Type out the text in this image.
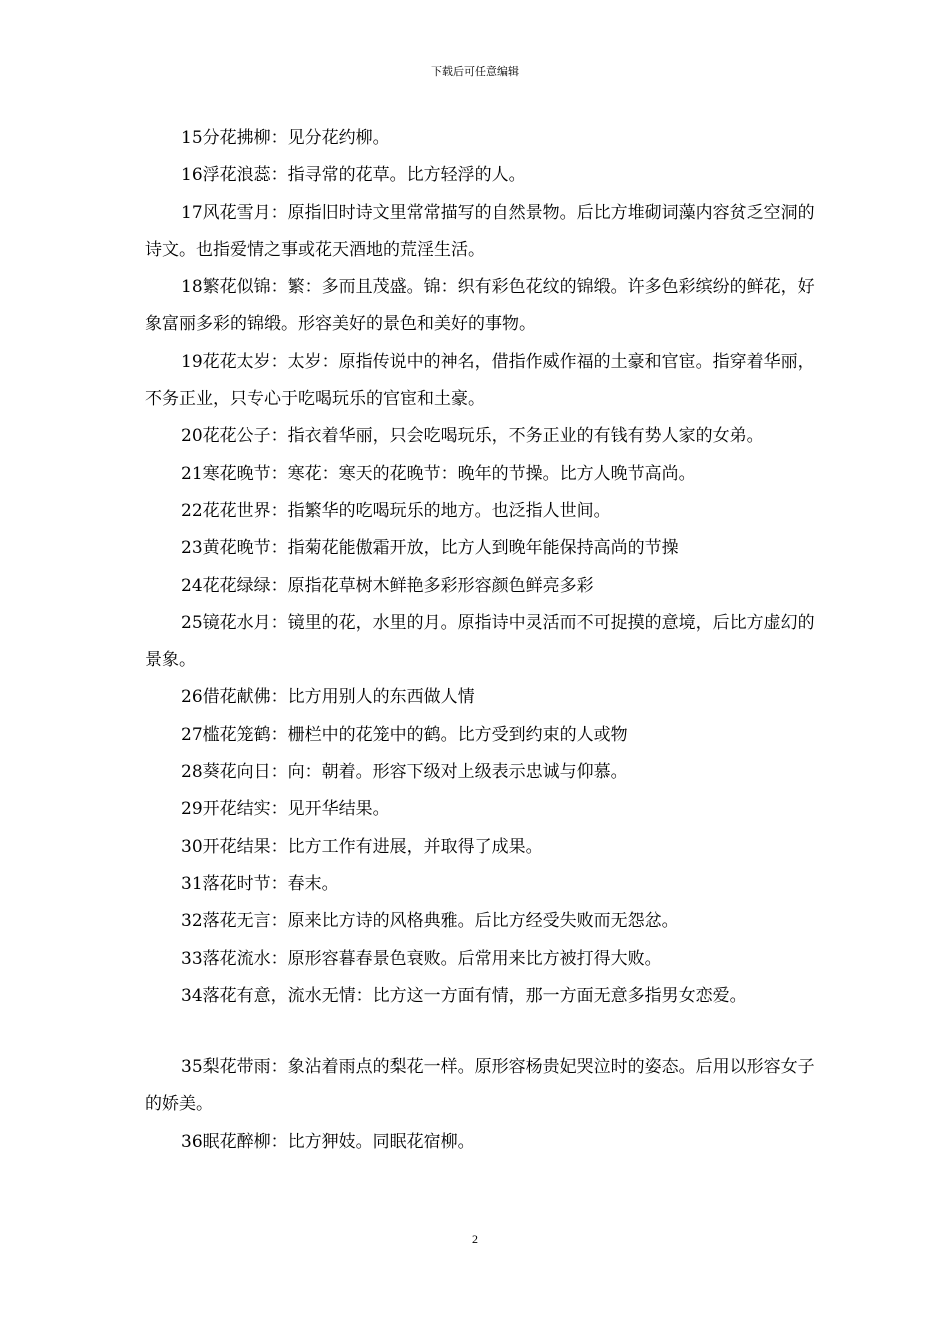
下载后可任意编辑

15分花拂柳：见分花约柳。

16浮花浪蕊：指寻常的花草。比方轻浮的人。

17风花雪月：原指旧时诗文里常常描写的自然景物。后比方堆砌词藻内容贫乏空洞的诗文。也指爱情之事或花天酒地的荒淫生活。

18繁花似锦：繁：多而且茂盛。锦：织有彩色花纹的锦缎。许多色彩缤纷的鲜花，好象富丽多彩的锦缎。形容美好的景色和美好的事物。

19花花太岁：太岁：原指传说中的神名，借指作威作福的土豪和官宦。指穿着华丽，不务正业，只专心于吃喝玩乐的官宦和土豪。

20花花公子：指衣着华丽，只会吃喝玩乐，不务正业的有钱有势人家的女弟。

21寒花晚节：寒花：寒天的花晚节：晚年的节操。比方人晚节高尚。

22花花世界：指繁华的吃喝玩乐的地方。也泛指人世间。

23黄花晚节：指菊花能傲霜开放，比方人到晚年能保持高尚的节操

24花花绿绿：原指花草树木鲜艳多彩形容颜色鲜亮多彩

25镜花水月：镜里的花，水里的月。原指诗中灵活而不可捉摸的意境，后比方虚幻的景象。

26借花献佛：比方用别人的东西做人情

27槛花笼鹤：栅栏中的花笼中的鹤。比方受到约束的人或物

28葵花向日：向：朝着。形容下级对上级表示忠诚与仰慕。

29开花结实：见开华结果。

30开花结果：比方工作有进展，并取得了成果。

31落花时节：春末。

32落花无言：原来比方诗的风格典雅。后比方经受失败而无怨忿。

33落花流水：原形容暮春景色衰败。后常用来比方被打得大败。

34落花有意，流水无情：比方这一方面有情，那一方面无意多指男女恋爱。

35梨花带雨：象沾着雨点的梨花一样。原形容杨贵妃哭泣时的姿态。后用以形容女子的娇美。

36眠花醉柳：比方狎妓。同眠花宿柳。

2
